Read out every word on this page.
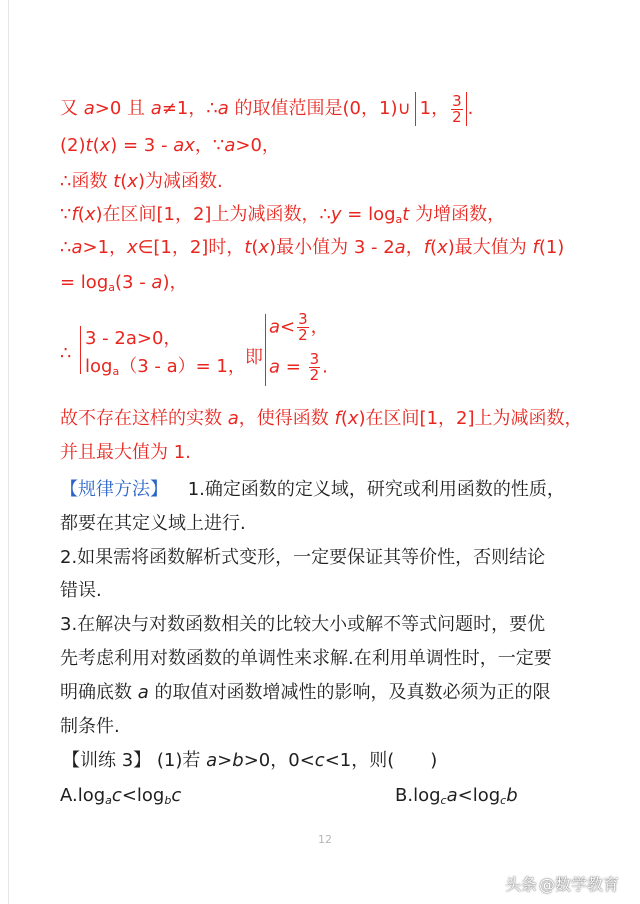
又 a>0 且 a≠1，∴a 的取值范围是(0，1)∪ 1， $\frac{3}{2}$ .
(2)t(x) = 3 - ax，∵a>0，
∴函数 t(x)为减函数.
∵f(x)在区间[1，2]上为减函数，∴y = $\log_at$ 为增函数，
∴a>1，x∈[1，2]时，t(x)最小值为 3 - 2a，f(x)最大值为 f(1)
= $\log_a(3 - a)$，
∴
3 - 2a>0，
$\log_a(3 - a)= 1$， 即
$a< \frac{3}{2}$ ，
$a = \frac{3}{2}$ .
故不存在这样的实数 a，使得函数 f(x)在区间[1，2]上为减函数，
并且最大值为 1.
【规律方法】 1.确定函数的定义域，研究或利用函数的性质，
都要在其定义域上进行.
2.如果需将函数解析式变形，一定要保证其等价性，否则结论
错误.
3.在解决与对数函数相关的比较大小或解不等式问题时，要优
先考虑利用对数函数的单调性来求解.在利用单调性时，一定要
明确底数 a 的取值对函数增减性的影响，及真数必须为正的限
制条件.
【训练 3】 (1)若 a>b>0，0<c<1，则(　　)
$A.\log_ac<\log_bc$	$B.\log_ca<\log_cb$
12
头条 @数学教育
